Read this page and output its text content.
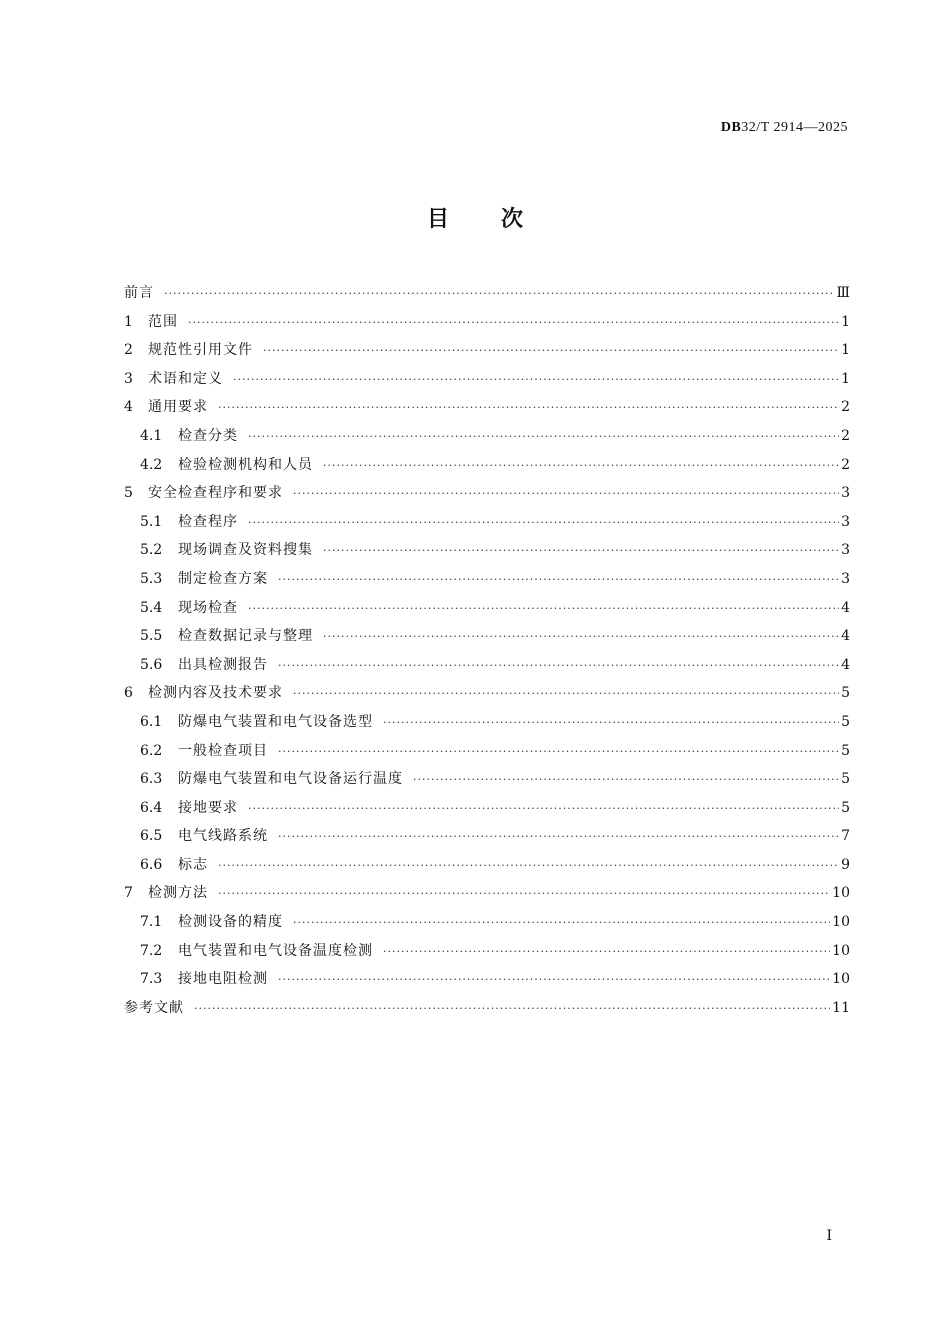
DB32/T 2914—2025
目次
前言 ·····	Ⅲ
1	范围 ·····	1
2	规范性引用文件 ·····	1
3	术语和定义 ·····	1
4	通用要求 ·····	2
4.1	检查分类 ·····	2
4.2	检验检测机构和人员 ·····	2
5	安全检查程序和要求 ·····	3
5.1	检查程序 ·····	3
5.2	现场调查及资料搜集 ·····	3
5.3	制定检查方案 ·····	3
5.4	现场检查 ·····	4
5.5	检查数据记录与整理 ·····	4
5.6	出具检测报告 ·····	4
6	检测内容及技术要求 ·····	5
6.1	防爆电气装置和电气设备选型 ·····	5
6.2	一般检查项目 ·····	5
6.3	防爆电气装置和电气设备运行温度 ·····	5
6.4	接地要求 ·····	5
6.5	电气线路系统 ·····	7
6.6	标志 ·····	9
7	检测方法 ·····	10
7.1	检测设备的精度 ·····	10
7.2	电气装置和电气设备温度检测 ·····	10
7.3	接地电阻检测 ·····	10
参考文献 ·····	11
I
